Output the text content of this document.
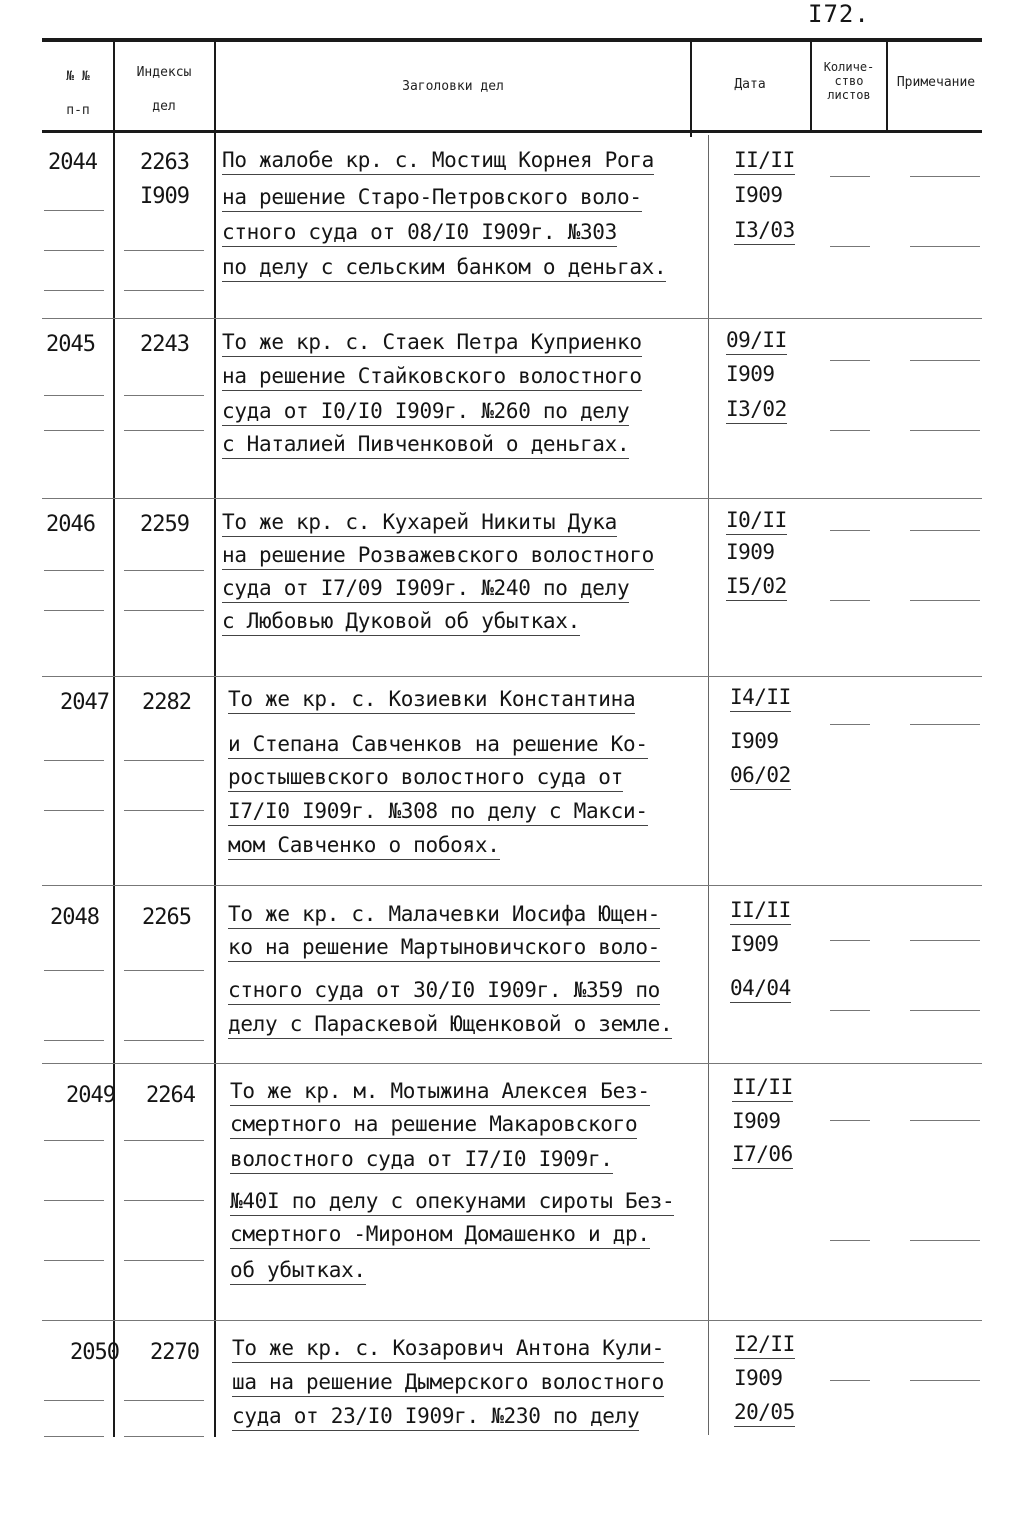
I72.
№ №
п-п
Индексы
дел
Заголовки дел	Дата
Количе-
ство
листов
Примечание
2044 2263
I909
По жалобе кр. с. Мостищ Корнея Рога
на решение Старо-Петровского воло-
стного суда от 08/I0 I909г. №303
по делу с сельским банком о деньгах.
II/II
I909
I3/03
2045 2243 То же кр. с. Стаек Петра Куприенко
на решение Стайковского волостного
суда от I0/I0 I909г. №260 по делу
с Наталией Пивченковой о деньгах.
09/II
I909
I3/02
2046 2259 То же кр. с. Кухарей Никиты Дука
на решение Розважевского волостного
суда от I7/09 I909г. №240 по делу
с Любовью Дуковой об убытках.
I0/II
I909
I5/02
2047 2282 То же кр. с. Козиевки Константина
и Степана Савченков на решение Ко-
ростышевского волостного суда от
I7/I0 I909г. №308 по делу с Макси-
мом Савченко о побоях.
I4/II
I909
06/02
2048 2265 То же кр. с. Малачевки Иосифа Ющен-
ко на решение Мартыновичского воло-
стного суда от 30/I0 I909г. №359 по
делу с Параскевой Ющенковой о земле.
II/II
I909
04/04
2049 2264 То же кр. м. Мотыжина Алексея Без-
смертного на решение Макаровского
волостного суда от I7/I0 I909г.
№40I по делу с опекунами сироты Без-
смертного -Мироном Домашенко и др.
об убытках.
II/II
I909
I7/06
2050 2270 То же кр. с. Козарович Антона Кули-
ша на решение Дымерского волостного
суда от 23/I0 I909г. №230 по делу
I2/II
I909
20/05
